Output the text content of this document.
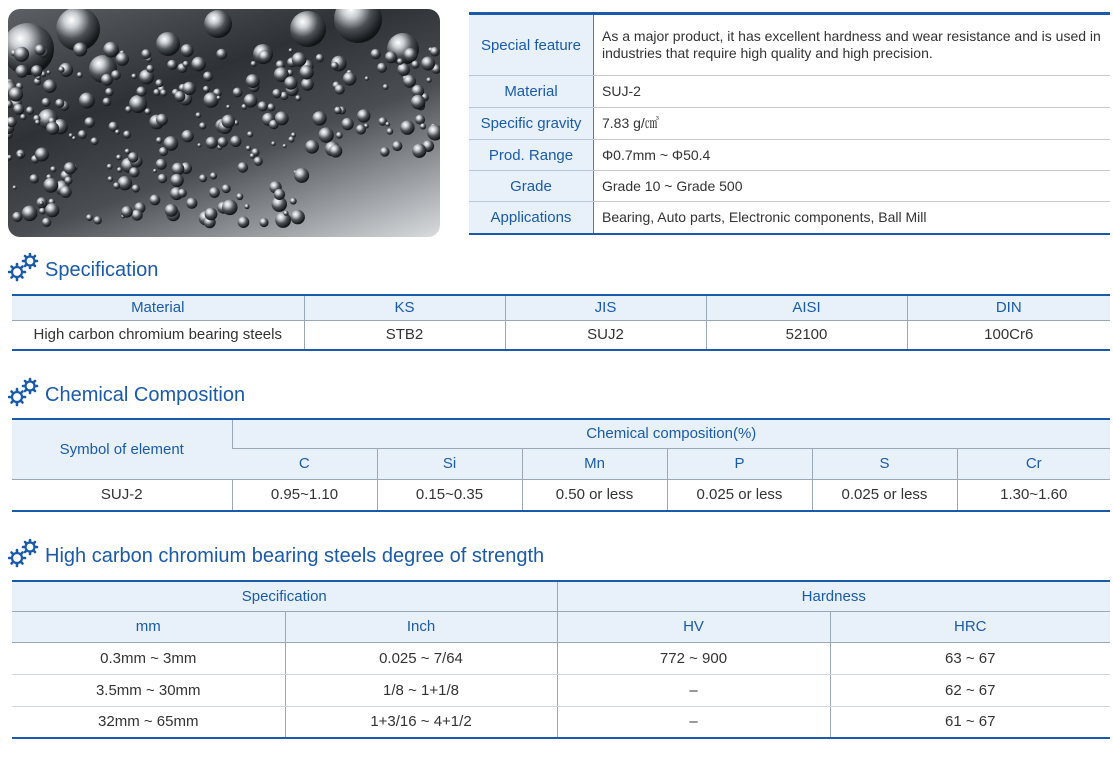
Special feature	As a major product, it has excellent hardness and wear resistance and is used in industries that require high quality and high precision.
Material	SUJ-2
Specific gravity	7.83 g/㎤
Prod. Range	Φ0.7mm ~ Φ50.4
Grade	Grade 10 ~ Grade 500
Applications	Bearing, Auto parts, Electronic components, Ball Mill
Specification
Material	KS	JIS	AISI	DIN
High carbon chromium bearing steels	STB2	SUJ2	52100	100Cr6
Chemical Composition
Symbol of element	Chemical composition(%)					
	C	Si	Mn	P	S	Cr
SUJ-2	0.95~1.10	0.15~0.35	0.50 or less	0.025 or less	0.025 or less	1.30~1.60
High carbon chromium bearing steels degree of strength
Specification		Hardness	
mm	Inch	HV	HRC
0.3mm ~ 3mm	0.025 ~ 7/64	772 ~ 900	63 ~ 67
3.5mm ~ 30mm	1/8 ~ 1+1/8	–	62 ~ 67
32mm ~ 65mm	1+3/16 ~ 4+1/2	–	61 ~ 67
